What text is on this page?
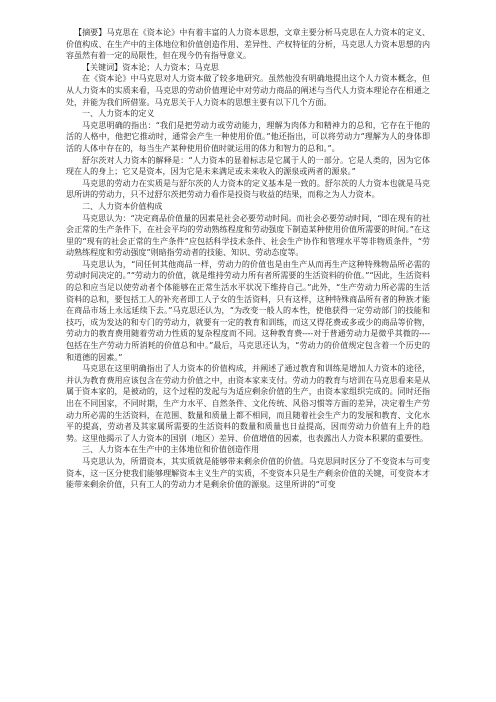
【摘要】马克思在《资本论》中有着丰富的人力资本思想，文章主要分析马克思在人力资本的定义、价值构成、在生产中的主体地位和价值创造作用、差异性、产权特征的分析，马克思人力资本思想的内容虽然有着一定的局限性，但在现今仍有指导意义。

【关键词】资本论；人力资本；马克思

在《资本论》中马克思对人力资本做了较多地研究。虽然他没有明确地提出这个人力资本概念，但从人力资本的实质来看，马克思的劳动价值理论中对劳动力商品的阐述与当代人力资本理论存在相通之处，并能为我们所借鉴。马克思关于人力资本的思想主要有以下几个方面。

一、人力资本的定义

马克思明确的指出：“我们是把劳动力或劳动能力，理解为肉体力和精神力的总和，它存在于他的活的人格中，他把它推动时，通常会产生一种使用价值。”他还指出，可以将劳动力“理解为人的身体即活的人体中存在的，每当生产某种使用价值时就运用的体力和智力的总和。”。

舒尔茨对人力资本的解释是：“人力资本的显着标志是它属于人的一部分。它是人类的，因为它体现在人的身上；它又是资本，因为它是未来满足或未来收入的源泉或两者的源泉。”

马克思的劳动力在实质是与舒尔茨的人力资本的定义基本是一致的。舒尔茨的人力资本也就是马克思所讲的劳动力，只不过舒尔茨把劳动力看作是投资与收益的结果，而称之为人力资本。

二、人力资本价值构成

马克思认为：“决定商品价值量的因素是社会必要劳动时间。而社会必要劳动时间，“即在现有的社会正常的生产条件下，在社会平均的劳动熟练程度和劳动强度下制造某种使用价值所需要的时间。”在这里的“现有的社会正常的生产条件”应包括科学技术条件、社会生产协作和管理水平等非物质条件，“劳动熟练程度和劳动强度”则暗指劳动者的技能、知识、劳动态度等。

马克思认为，“同任何其他商品一样，劳动力的价值也是由生产从而再生产这种特殊物品所必需的劳动时间决定的。”“劳动力的价值，就是维持劳动力所有者所需要的生活资料的价值。”“因此，生活资料的总和应当足以使劳动者个体能够在正常生活水平状况下维持自己。”此外，“生产劳动力所必需的生活资料的总和，要包括工人的补充者即工人子女的生活资料，只有这样，这种特殊商品所有者的种族才能在商品市场上永远延续下去。”马克思还认为，“为改变一般人的本性，使他获得一定劳动部门的技能和技巧，成为发达的和专门的劳动力，就要有一定的教育和训练，而这又得花费或多或少的商品等价物，劳动力的教育费用随着劳动力性质的复杂程度而不同。这种教育费----对于普通劳动力是微乎其微的----包括在生产劳动力所消耗的价值总和中。”最后，马克思还认为，“劳动力的价值规定包含着一个历史的和道德的因素。”

马克思在这里明确指出了人力资本的价值构成，并阐述了通过教育和训练是增加人力资本的途径，并认为教育费用应该包含在劳动力价值之中，由资本家来支付。劳动力的教育与培训在马克思看来是从属于资本家的，是被动的，这个过程的发起与为适应剩余价值的生产，由资本家组织完成的。同时还指出在不同国家，不同时期，生产力水平、自然条件、文化传统、风俗习惯等方面的差异，决定着生产劳动力所必需的生活资料，在范围、数量和质量上都不相同，而且随着社会生产力的发展和教育、文化水平的提高，劳动者及其家属所需要的生活资料的数量和质量也日益提高，因而劳动力价值有上升的趋势。这里他揭示了人力资本的国别（地区）差异、价值增值的因素，也表露出人力资本积累的重要性。

三、人力资本在生产中的主体地位和价值创造作用

马克思认为，所谓资本，其实质就是能够带来剩余价值的价值。马克思同时区分了不变资本与可变资本，这一区分使我们能够理解资本主义生产的实质，不变资本只是生产剩余价值的关键，可变资本才能带来剩余价值，只有工人的劳动力才是剩余价值的源泉。这里所讲的“可变
